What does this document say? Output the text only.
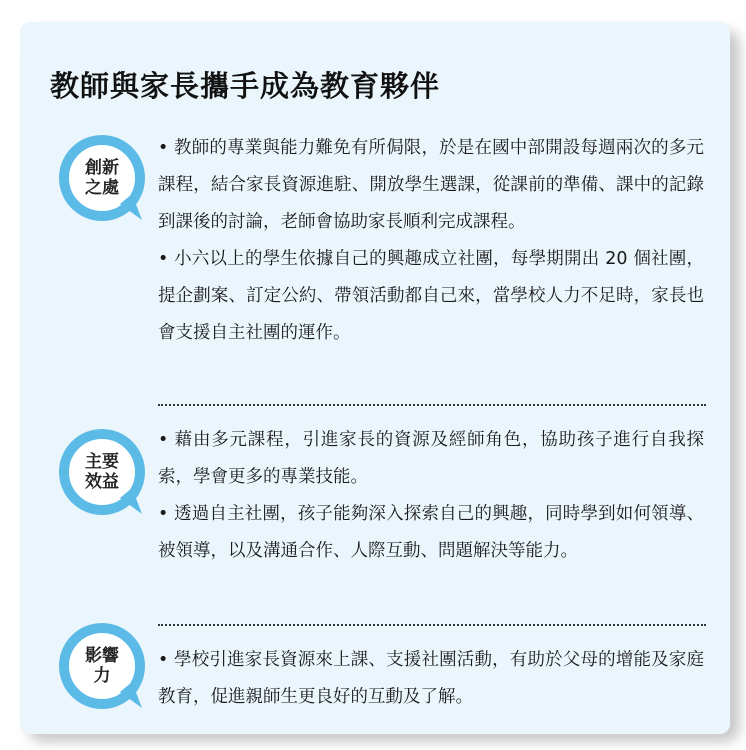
教師與家長攜手成為教育夥伴
創新之處

• 教師的專業與能力難免有所侷限，於是在國中部開設每週兩次的多元課程，結合家長資源進駐、開放學生選課，從課前的準備、課中的記錄到課後的討論，老師會協助家長順利完成課程。

• 小六以上的學生依據自己的興趣成立社團，每學期開出 20 個社團，提企劃案、訂定公約、帶領活動都自己來，當學校人力不足時，家長也會支援自主社團的運作。

主要效益

• 藉由多元課程，引進家長的資源及經師角色，協助孩子進行自我探索，學會更多的專業技能。

• 透過自主社團，孩子能夠深入探索自己的興趣，同時學到如何領導、被領導，以及溝通合作、人際互動、問題解決等能力。

影響力

• 學校引進家長資源來上課、支援社團活動，有助於父母的增能及家庭教育，促進親師生更良好的互動及了解。
